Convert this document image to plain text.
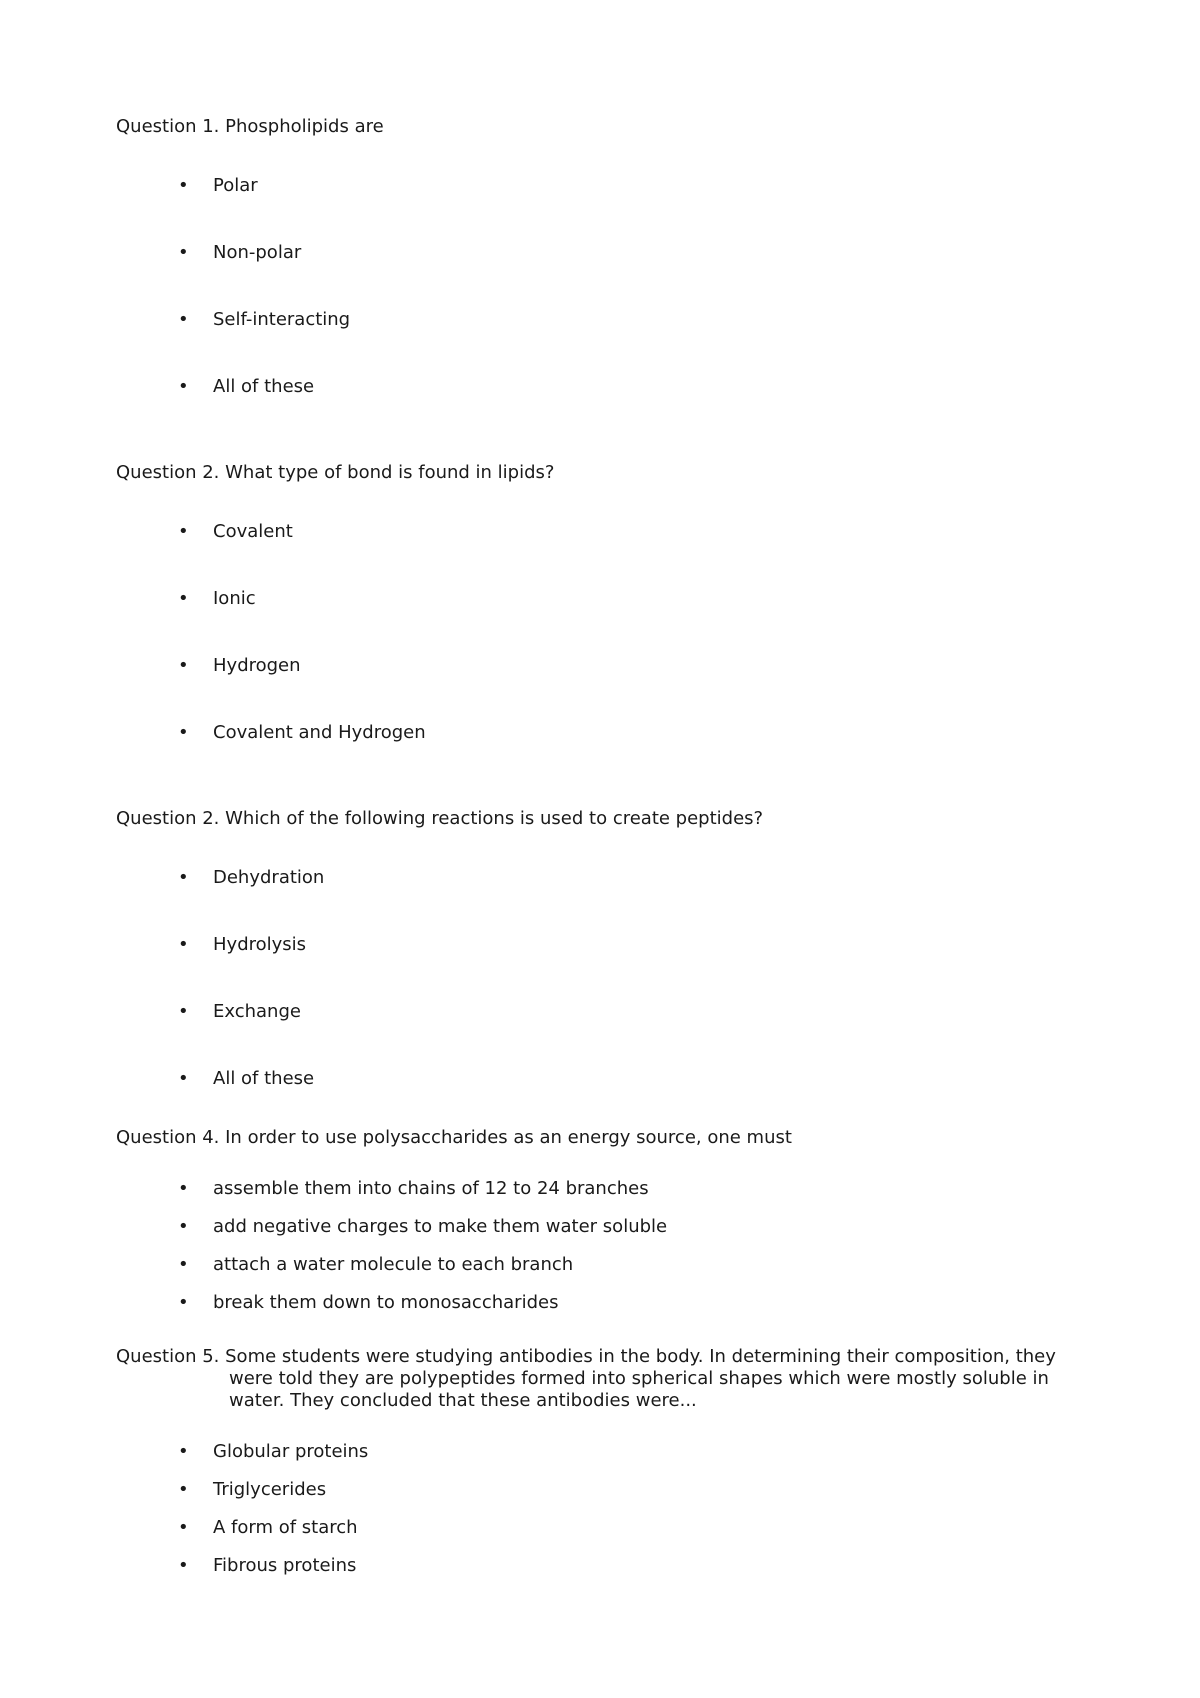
Question 1. Phospholipids are

• Polar
• Non-polar
• Self-interacting
• All of these

Question 2. What type of bond is found in lipids?

• Covalent
• Ionic
• Hydrogen
• Covalent and Hydrogen

Question 2. Which of the following reactions is used to create peptides?

• Dehydration
• Hydrolysis
• Exchange
• All of these

Question 4. In order to use polysaccharides as an energy source, one must

• assemble them into chains of 12 to 24 branches
• add negative charges to make them water soluble
• attach a water molecule to each branch
• break them down to monosaccharides

Question 5. Some students were studying antibodies in the body. In determining their composition, they were told they are polypeptides formed into spherical shapes which were mostly soluble in water. They concluded that these antibodies were...

• Globular proteins
• Triglycerides
• A form of starch
• Fibrous proteins
